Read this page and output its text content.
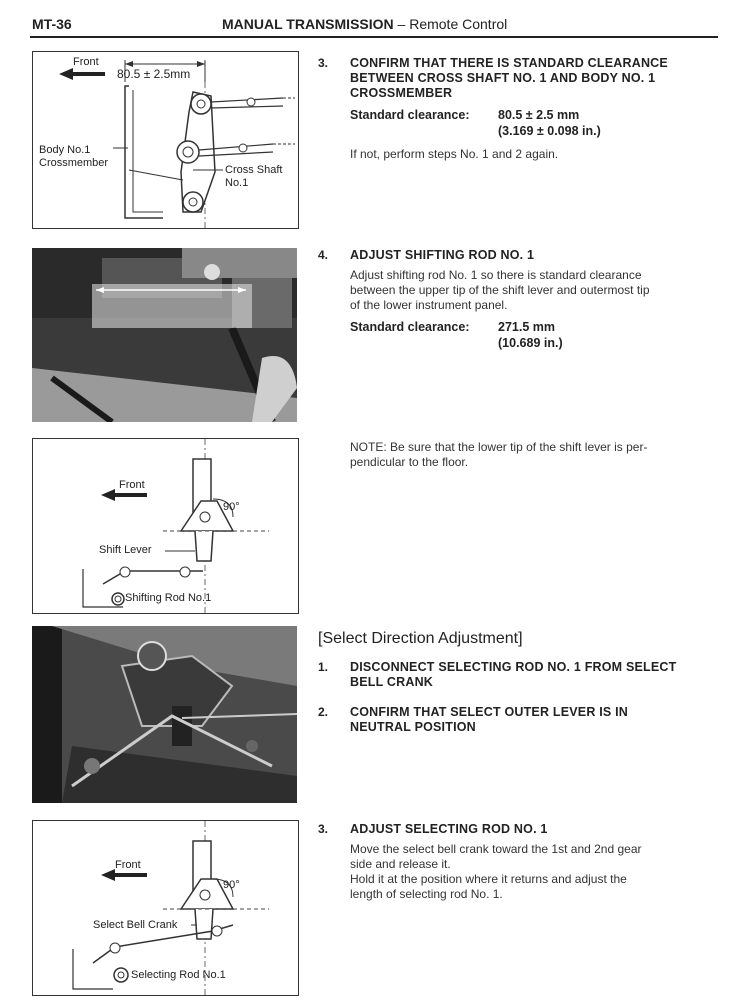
MT-36	MANUAL TRANSMISSION – Remote Control
Front
80.5 ± 2.5mm
Body No.1
Crossmember
Cross Shaft
No.1
Front
90°
Shift Lever
Shifting Rod No.1
Front
90°
Select Bell Crank
Selecting Rod No.1
3. CONFIRM THAT THERE IS STANDARD CLEARANCE
BETWEEN CROSS SHAFT NO. 1 AND BODY NO. 1
CROSSMEMBER
Standard clearance: 80.5 ± 2.5 mm
(3.169 ± 0.098 in.)
If not, perform steps No. 1 and 2 again.
4. ADJUST SHIFTING ROD NO. 1
Adjust shifting rod No. 1 so there is standard clearance
between the upper tip of the shift lever and outermost tip
of the lower instrument panel.
Standard clearance: 271.5 mm
(10.689 in.)
NOTE: Be sure that the lower tip of the shift lever is per-
pendicular to the floor.
[Select Direction Adjustment]
1. DISCONNECT SELECTING ROD NO. 1 FROM SELECT
BELL CRANK
2. CONFIRM THAT SELECT OUTER LEVER IS IN
NEUTRAL POSITION
3. ADJUST SELECTING ROD NO. 1
Move the select bell crank toward the 1st and 2nd gear
side and release it.
Hold it at the position where it returns and adjust the
length of selecting rod No. 1.
